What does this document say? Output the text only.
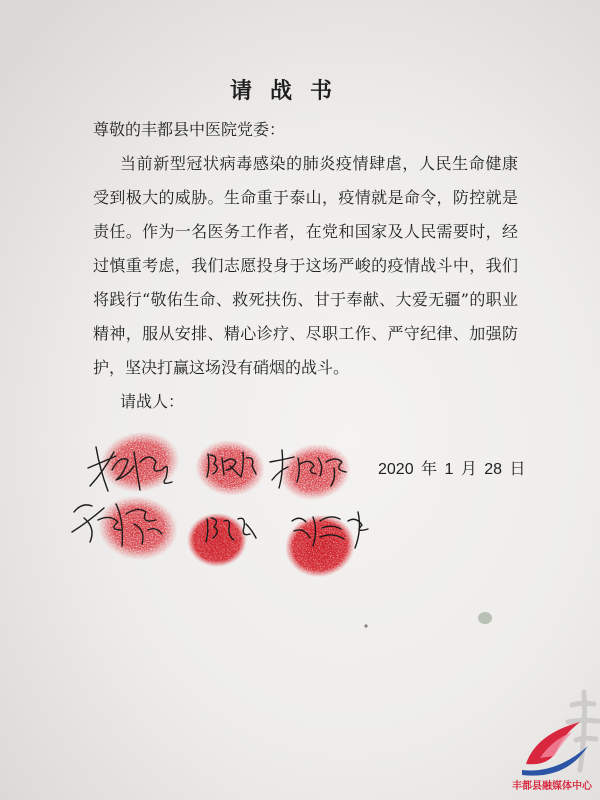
请战书
尊敬的丰都县中医院党委：
当前新型冠状病毒感染的肺炎疫情肆虐，人民生命健康
受到极大的威胁。生命重于泰山，疫情就是命令，防控就是
责任。作为一名医务工作者，在党和国家及人民需要时，经
过慎重考虑，我们志愿投身于这场严峻的疫情战斗中，我们
将践行“敬佑生命、救死扶伤、甘于奉献、大爱无疆”的职业
精神，服从安排、精心诊疗、尽职工作、严守纪律、加强防
护，坚决打赢这场没有硝烟的战斗。
请战人：
2020 年 1 月 28 日
丰都县融媒体中心
